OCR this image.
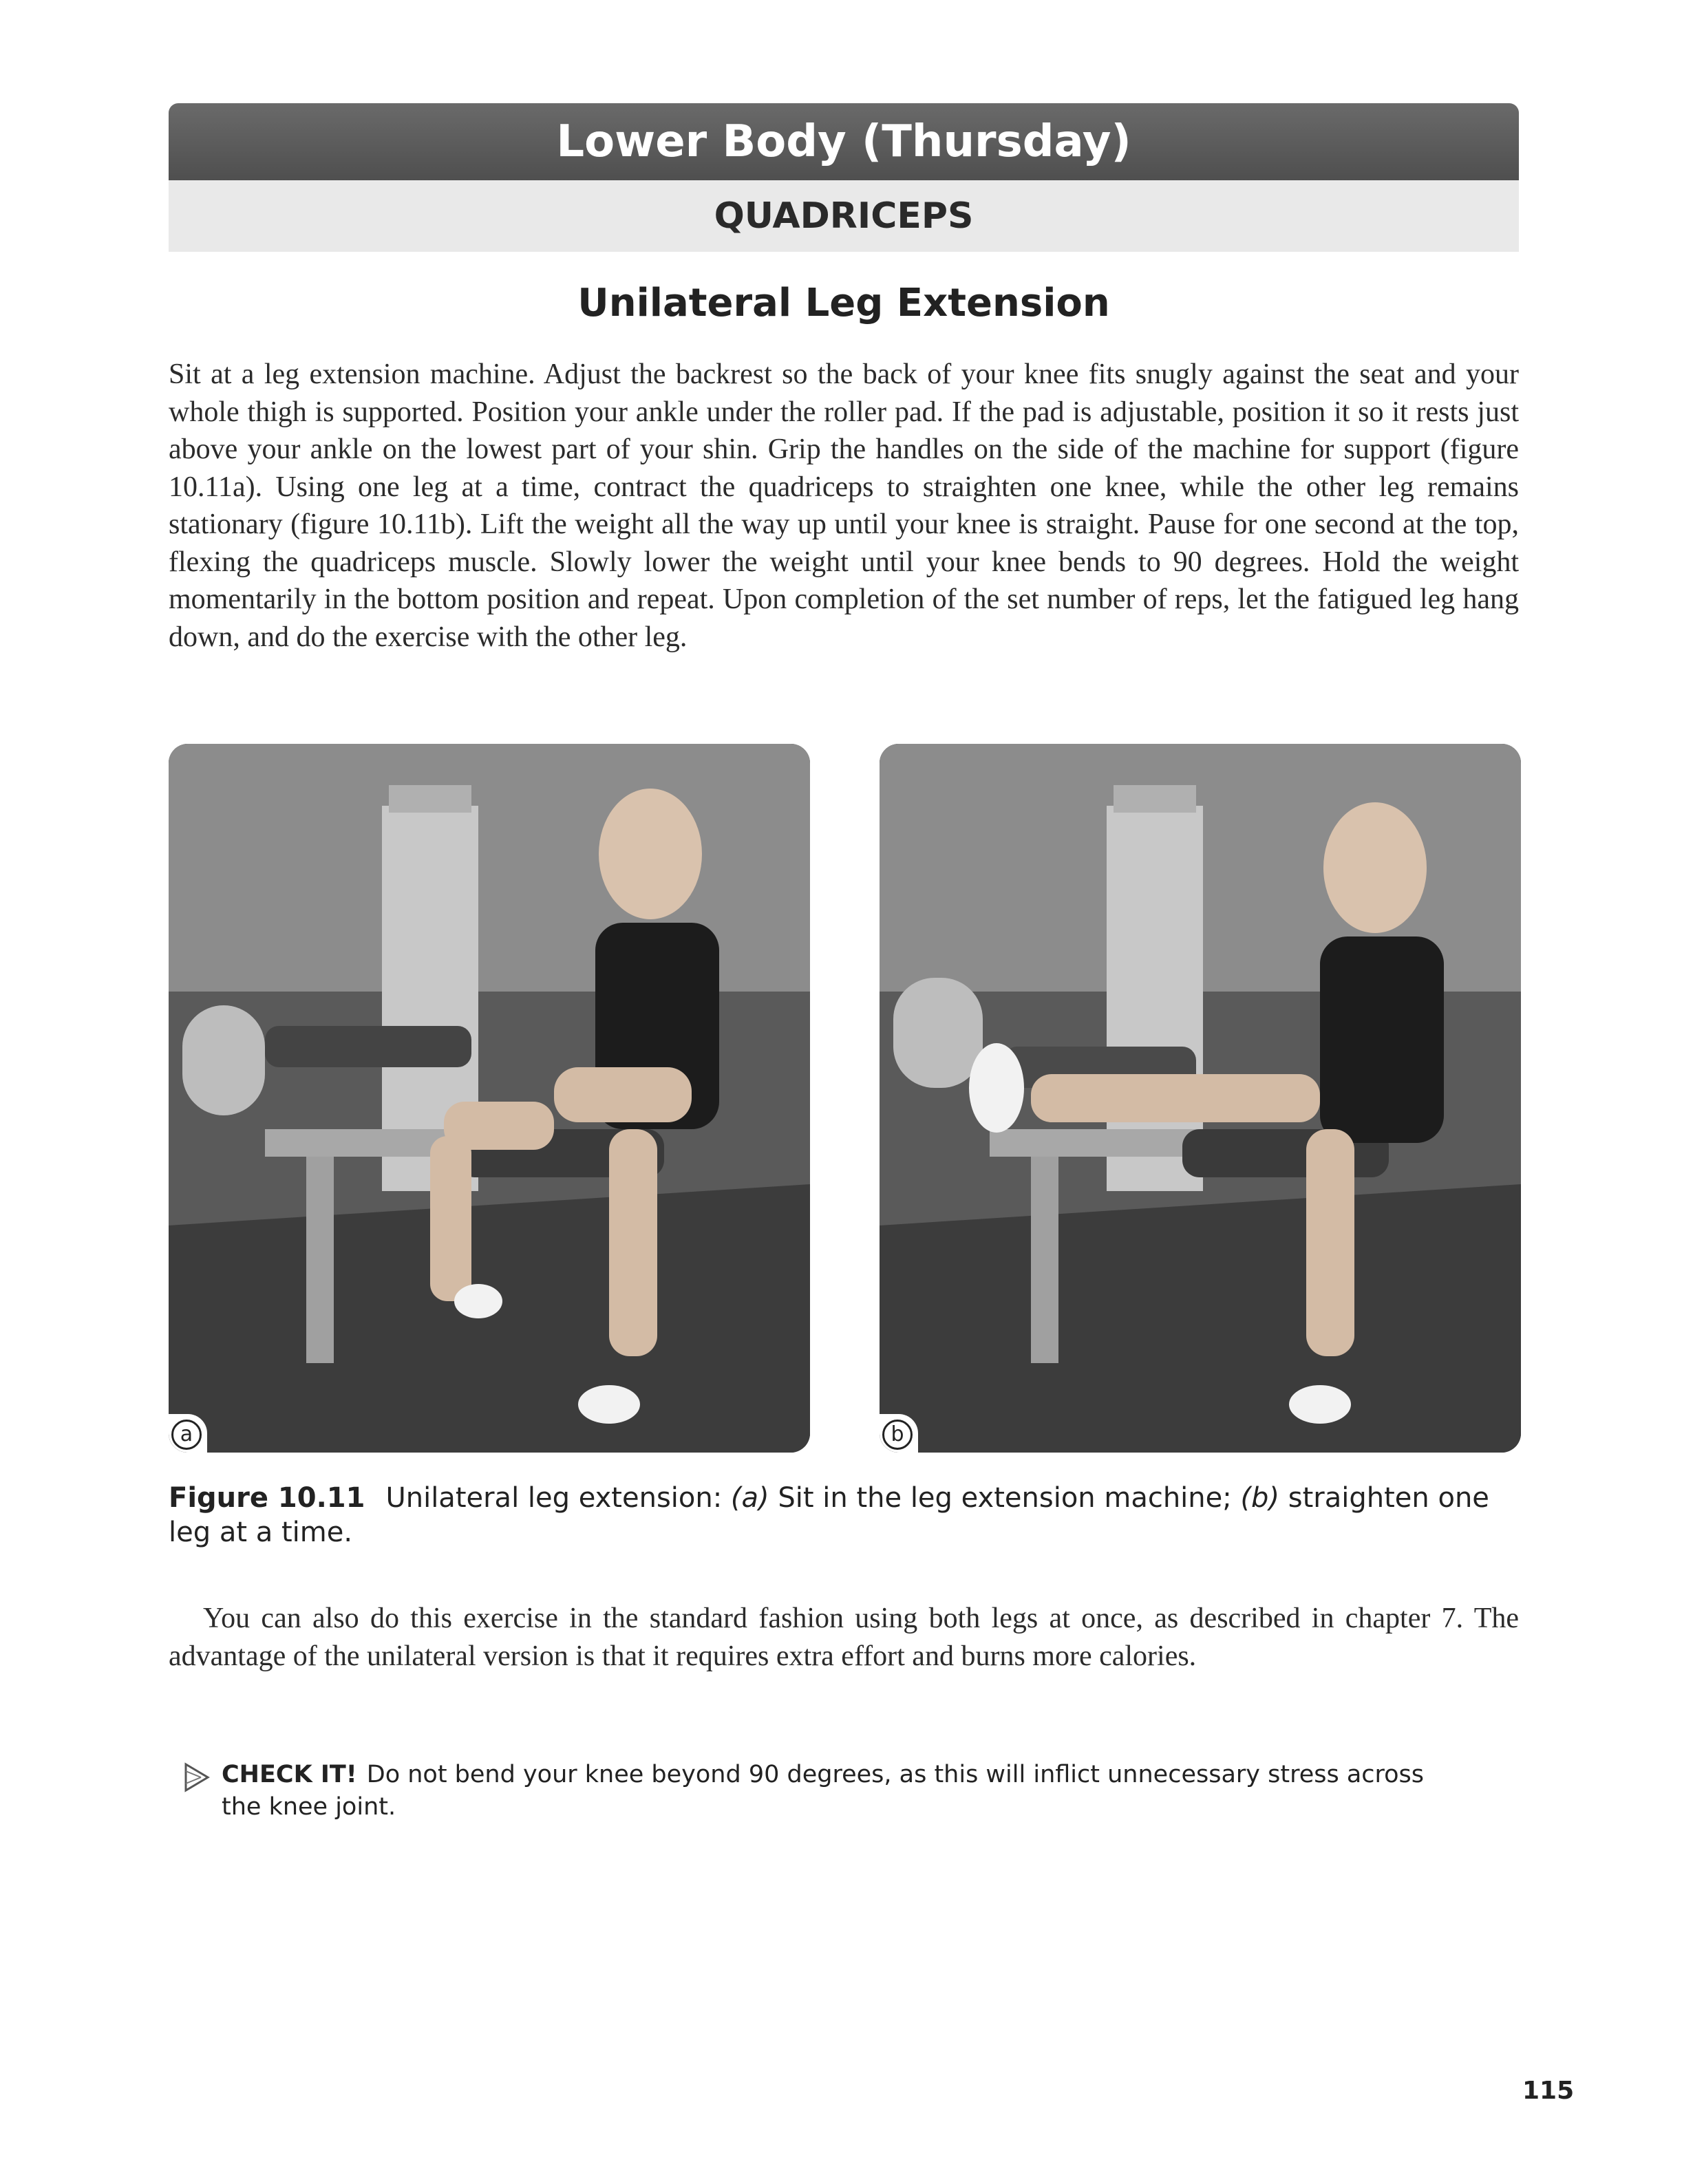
Lower Body (Thursday)
QUADRICEPS
Unilateral Leg Extension

Sit at a leg extension machine. Adjust the backrest so the back of your knee fits snugly against the seat and your whole thigh is supported. Position your ankle under the roller pad. If the pad is adjustable, position it so it rests just above your ankle on the lowest part of your shin. Grip the handles on the side of the machine for support (figure 10.11a). Using one leg at a time, contract the quadriceps to straighten one knee, while the other leg remains stationary (figure 10.11b). Lift the weight all the way up until your knee is straight. Pause for one second at the top, flexing the quadriceps muscle. Slowly lower the weight until your knee bends to 90 degrees. Hold the weight momentarily in the bottom position and repeat. Upon completion of the set number of reps, let the fatigued leg hang down, and do the exercise with the other leg.

a	b
Figure 10.11 Unilateral leg extension: (a) Sit in the leg extension machine; (b) straighten one leg at a time.

You can also do this exercise in the standard fashion using both legs at once, as described in chapter 7. The advantage of the unilateral version is that it requires extra effort and burns more calories.

CHECK IT! Do not bend your knee beyond 90 degrees, as this will inflict unnecessary stress across the knee joint.
115
